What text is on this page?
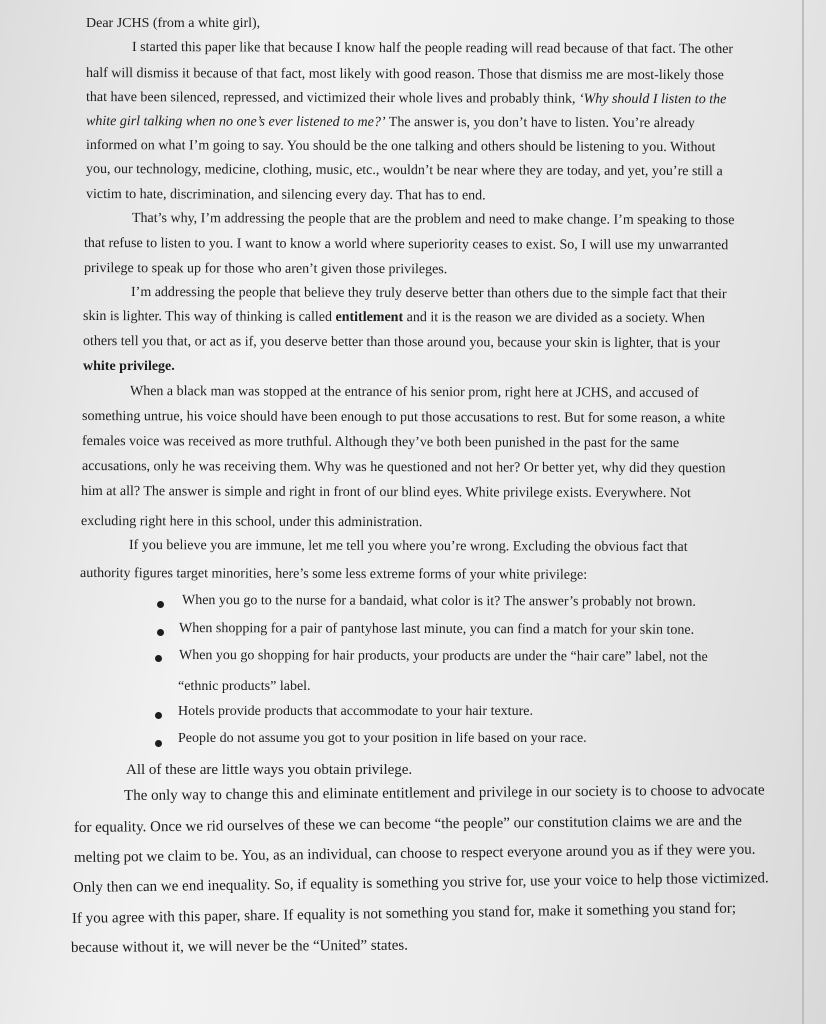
Dear JCHS (from a white girl),
I started this paper like that because I know half the people reading will read because of that fact. The other
half will dismiss it because of that fact, most likely with good reason. Those that dismiss me are most-likely those
that have been silenced, repressed, and victimized their whole lives and probably think, ‘Why should I listen to the
white girl talking when no one’s ever listened to me?’ The answer is, you don’t have to listen. You’re already
informed on what I’m going to say. You should be the one talking and others should be listening to you. Without
you, our technology, medicine, clothing, music, etc., wouldn’t be near where they are today, and yet, you’re still a
victim to hate, discrimination, and silencing every day. That has to end.
That’s why, I’m addressing the people that are the problem and need to make change. I’m speaking to those
that refuse to listen to you. I want to know a world where superiority ceases to exist. So, I will use my unwarranted
privilege to speak up for those who aren’t given those privileges.
I’m addressing the people that believe they truly deserve better than others due to the simple fact that their
skin is lighter. This way of thinking is called entitlement and it is the reason we are divided as a society. When
others tell you that, or act as if, you deserve better than those around you, because your skin is lighter, that is your
white privilege.
When a black man was stopped at the entrance of his senior prom, right here at JCHS, and accused of
something untrue, his voice should have been enough to put those accusations to rest. But for some reason, a white
females voice was received as more truthful. Although they’ve both been punished in the past for the same
accusations, only he was receiving them. Why was he questioned and not her? Or better yet, why did they question
him at all? The answer is simple and right in front of our blind eyes. White privilege exists. Everywhere. Not
excluding right here in this school, under this administration.
If you believe you are immune, let me tell you where you’re wrong. Excluding the obvious fact that
authority figures target minorities, here’s some less extreme forms of your white privilege:
When you go to the nurse for a bandaid, what color is it? The answer’s probably not brown.
When shopping for a pair of pantyhose last minute, you can find a match for your skin tone.
When you go shopping for hair products, your products are under the “hair care” label, not the
“ethnic products” label.
Hotels provide products that accommodate to your hair texture.
People do not assume you got to your position in life based on your race.
All of these are little ways you obtain privilege.
The only way to change this and eliminate entitlement and privilege in our society is to choose to advocate
for equality. Once we rid ourselves of these we can become “the people” our constitution claims we are and the
melting pot we claim to be. You, as an individual, can choose to respect everyone around you as if they were you.
Only then can we end inequality. So, if equality is something you strive for, use your voice to help those victimized.
If you agree with this paper, share. If equality is not something you stand for, make it something you stand for;
because without it, we will never be the “United” states.
